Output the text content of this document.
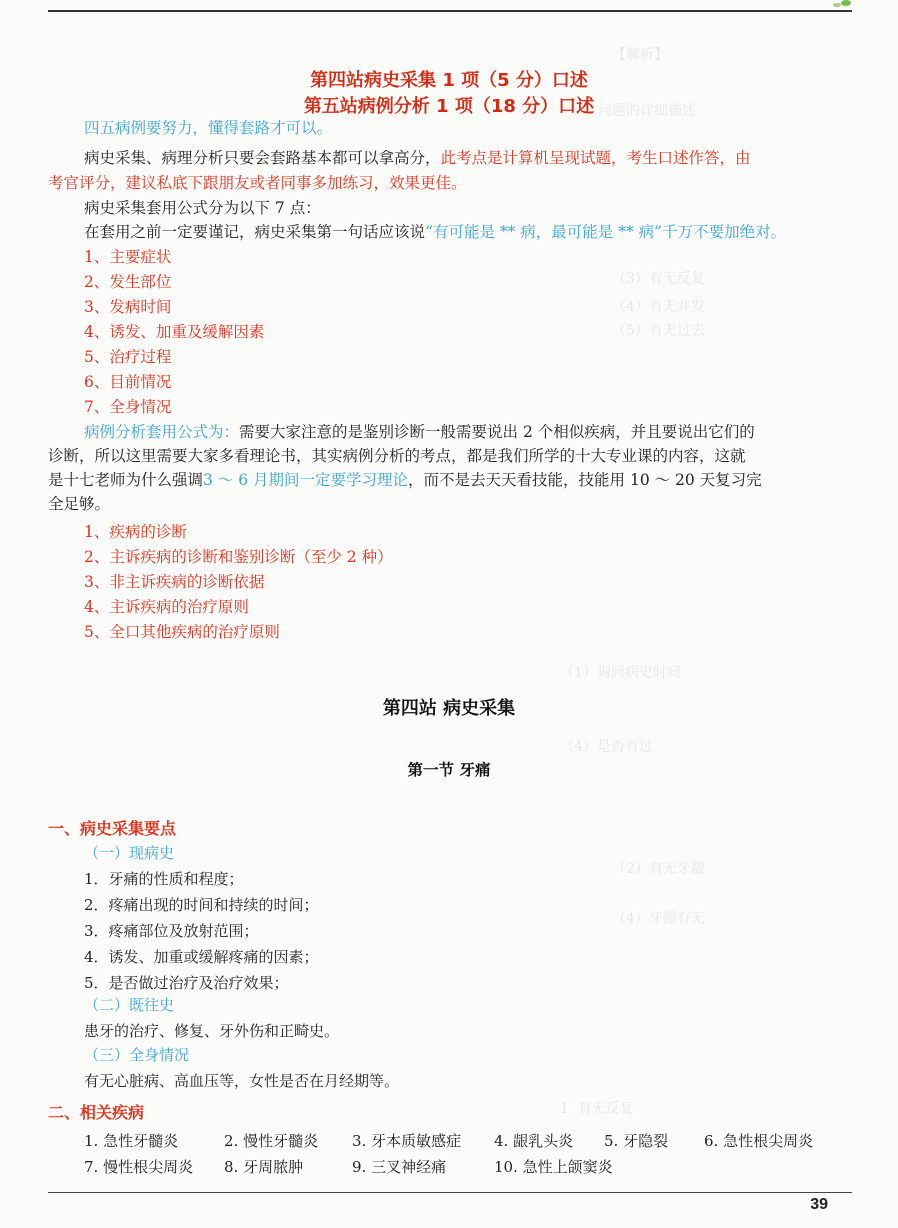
【解析】
问题的详细描述
（3）有无反复
（4）有无并发
（5）有无过去
（1）询问病史时间
（4）是否有过
（2）有无牙龈
（4）牙龈有无
1. 有无反复
第四站病史采集 1 项（5 分）口述
第五站病例分析 1 项（18 分）口述
四五病例要努力，懂得套路才可以。
病史采集、病理分析只要会套路基本都可以拿高分，此考点是计算机呈现试题，考生口述作答，由
考官评分，建议私底下跟朋友或者同事多加练习，效果更佳。
病史采集套用公式分为以下 7 点：
在套用之前一定要谨记，病史采集第一句话应该说“有可能是 ** 病，最可能是 ** 病”千万不要加绝对。
1、主要症状
2、发生部位
3、发病时间
4、诱发、加重及缓解因素
5、治疗过程
6、目前情况
7、全身情况
病例分析套用公式为：需要大家注意的是鉴别诊断一般需要说出 2 个相似疾病，并且要说出它们的
诊断，所以这里需要大家多看理论书，其实病例分析的考点，都是我们所学的十大专业课的内容，这就
是十七老师为什么强调3 ～ 6 月期间一定要学习理论，而不是去天天看技能，技能用 10 ～ 20 天复习完
全足够。
1、疾病的诊断
2、主诉疾病的诊断和鉴别诊断（至少 2 种）
3、非主诉疾病的诊断依据
4、主诉疾病的治疗原则
5、全口其他疾病的治疗原则
第四站 病史采集
第一节 牙痛
一、病史采集要点
（一）现病史
1．牙痛的性质和程度；
2．疼痛出现的时间和持续的时间；
3．疼痛部位及放射范围；
4．诱发、加重或缓解疼痛的因素；
5．是否做过治疗及治疗效果；
（二）既往史
患牙的治疗、修复、牙外伤和正畸史。
（三）全身情况
有无心脏病、高血压等，女性是否在月经期等。
二、相关疾病
1. 急性牙髓炎	2. 慢性牙髓炎 3. 牙本质敏感症 4. 龈乳头炎 5. 牙隐裂 6. 急性根尖周炎
7. 慢性根尖周炎 8. 牙周脓肿	9. 三叉神经痛	10. 急性上颌窦炎
39
